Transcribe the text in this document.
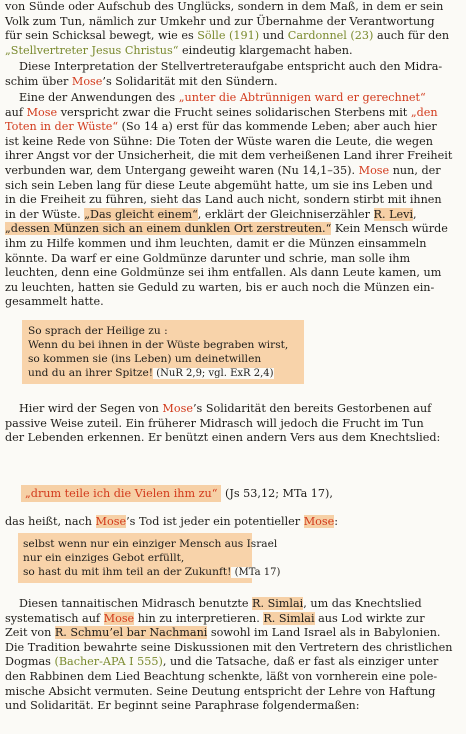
von Sünde oder Aufschub des Unglücks, sondern in dem Maß, in dem er sein
Volk zum Tun, nämlich zur Umkehr und zur Übernahme der Verantwortung
für sein Schicksal bewegt, wie es Sölle (191) und Cardonnel (23) auch für den
„Stellvertreter Jesus Christus“ eindeutig klargemacht haben.
Diese Interpretation der Stellvertreteraufgabe entspricht auch den Midra-
schim über Mose’s Solidarität mit den Sündern.
Eine der Anwendungen des „unter die Abtrünnigen ward er gerechnet“
auf Mose verspricht zwar die Frucht seines solidarischen Sterbens mit „den
Toten in der Wüste“ (So 14 a) erst für das kommende Leben; aber auch hier
ist keine Rede von Sühne: Die Toten der Wüste waren die Leute, die wegen
ihrer Angst vor der Unsicherheit, die mit dem verheißenen Land ihrer Freiheit
verbunden war, dem Untergang geweiht waren (Nu 14,1–35). Mose nun, der
sich sein Leben lang für diese Leute abgemüht hatte, um sie ins Leben und
in die Freiheit zu führen, sieht das Land auch nicht, sondern stirbt mit ihnen
in der Wüste. „Das gleicht einem“, erklärt der Gleichniserzähler R. Levi,
„dessen Münzen sich an einem dunklen Ort zerstreuten.“ Kein Mensch würde
ihm zu Hilfe kommen und ihm leuchten, damit er die Münzen einsammeln
könnte. Da warf er eine Goldmünze darunter und schrie, man solle ihm
leuchten, denn eine Goldmünze sei ihm entfallen. Als dann Leute kamen, um
zu leuchten, hatten sie Geduld zu warten, bis er auch noch die Münzen ein-
gesammelt hatte.
So sprach der Heilige zu :
Wenn du bei ihnen in der Wüste begraben wirst,
so kommen sie (ins Leben) um deinetwillen
und du an ihrer Spitze! (NuR 2,9; vgl. ExR 2,4)
Hier wird der Segen von Mose’s Solidarität den bereits Gestorbenen auf
passive Weise zuteil. Ein früherer Midrasch will jedoch die Frucht im Tun
der Lebenden erkennen. Er benützt einen andern Vers aus dem Knechtslied:
„drum teile ich die Vielen ihm zu“ (Js 53,12; MTa 17),
das heißt, nach Mose’s Tod ist jeder ein potentieller Mose:
selbst wenn nur ein einziger Mensch aus Israel
nur ein einziges Gebot erfüllt,
so hast du mit ihm teil an der Zukunft! (MTa 17)
Diesen tannaitischen Midrasch benutzte R. Simlai, um das Knechtslied
systematisch auf Mose hin zu interpretieren. R. Simlai aus Lod wirkte zur
Zeit von R. Schmu’el bar Nachmani sowohl im Land Israel als in Babylonien.
Die Tradition bewahrte seine Diskussionen mit den Vertretern des christlichen
Dogmas (Bacher-APA I 555), und die Tatsache, daß er fast als einziger unter
den Rabbinen dem Lied Beachtung schenkte, läßt von vornherein eine pole-
mische Absicht vermuten. Seine Deutung entspricht der Lehre von Haftung
und Solidarität. Er beginnt seine Paraphrase folgendermaßen:
